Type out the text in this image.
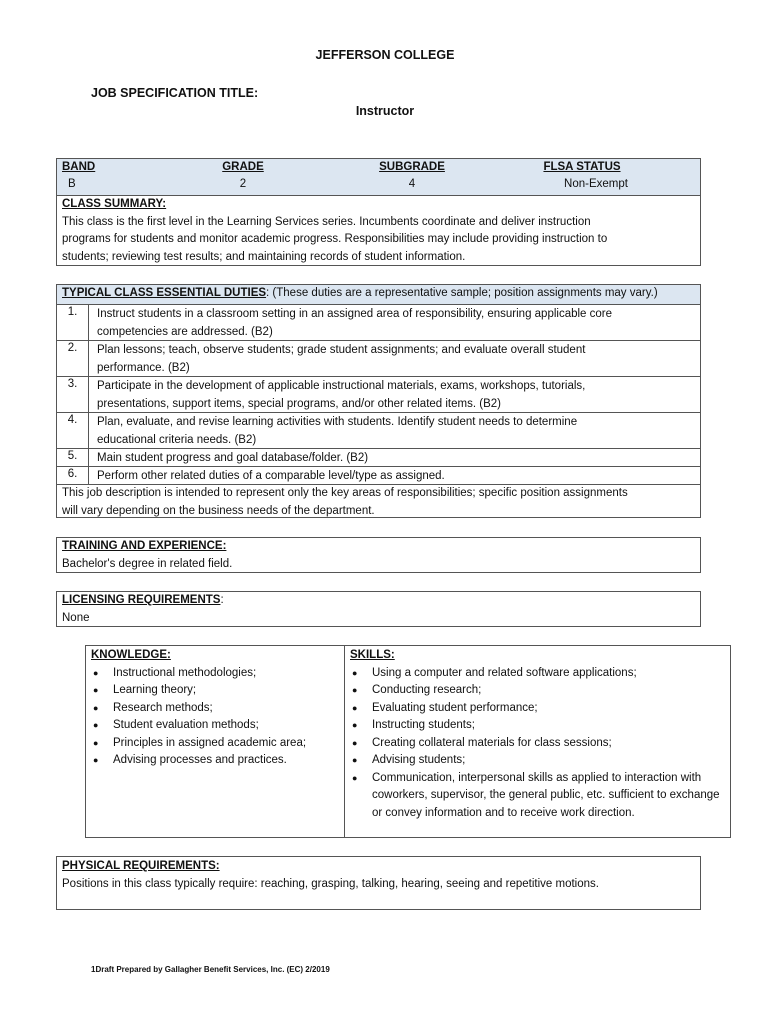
JEFFERSON COLLEGE
JOB SPECIFICATION TITLE:
Instructor
BAND	GRADE	SUBGRADE	FLSA STATUS
B	2	4	Non-Exempt
CLASS SUMMARY:
This class is the first level in the Learning Services series. Incumbents coordinate and deliver instruction
programs for students and monitor academic progress. Responsibilities may include providing instruction to
students; reviewing test results; and maintaining records of student information.
TYPICAL CLASS ESSENTIAL DUTIES: (These duties are a representative sample; position assignments may vary.)
1.	Instruct students in a classroom setting in an assigned area of responsibility, ensuring applicable core
competencies are addressed. (B2)
2.	Plan lessons; teach, observe students; grade student assignments; and evaluate overall student
performance. (B2)
3.	Participate in the development of applicable instructional materials, exams, workshops, tutorials,
presentations, support items, special programs, and/or other related items. (B2)
4.	Plan, evaluate, and revise learning activities with students. Identify student needs to determine
educational criteria needs. (B2)
5.	Main student progress and goal database/folder. (B2)
6.	Perform other related duties of a comparable level/type as assigned.
This job description is intended to represent only the key areas of responsibilities; specific position assignments
will vary depending on the business needs of the department.
TRAINING AND EXPERIENCE:
Bachelor's degree in related field.
LICENSING REQUIREMENTS:
None
KNOWLEDGE:
● Instructional methodologies;
● Learning theory;
● Research methods;
● Student evaluation methods;
● Principles in assigned academic area;
● Advising processes and practices.
SKILLS:
● Using a computer and related software applications;
● Conducting research;
● Evaluating student performance;
● Instructing students;
● Creating collateral materials for class sessions;
● Advising students;
● Communication, interpersonal skills as applied to interaction with coworkers, supervisor, the general public, etc. sufficient to exchange or convey information and to receive work direction.
PHYSICAL REQUIREMENTS:
Positions in this class typically require: reaching, grasping, talking, hearing, seeing and repetitive motions.
1Draft Prepared by Gallagher Benefit Services, Inc. (EC) 2/2019
